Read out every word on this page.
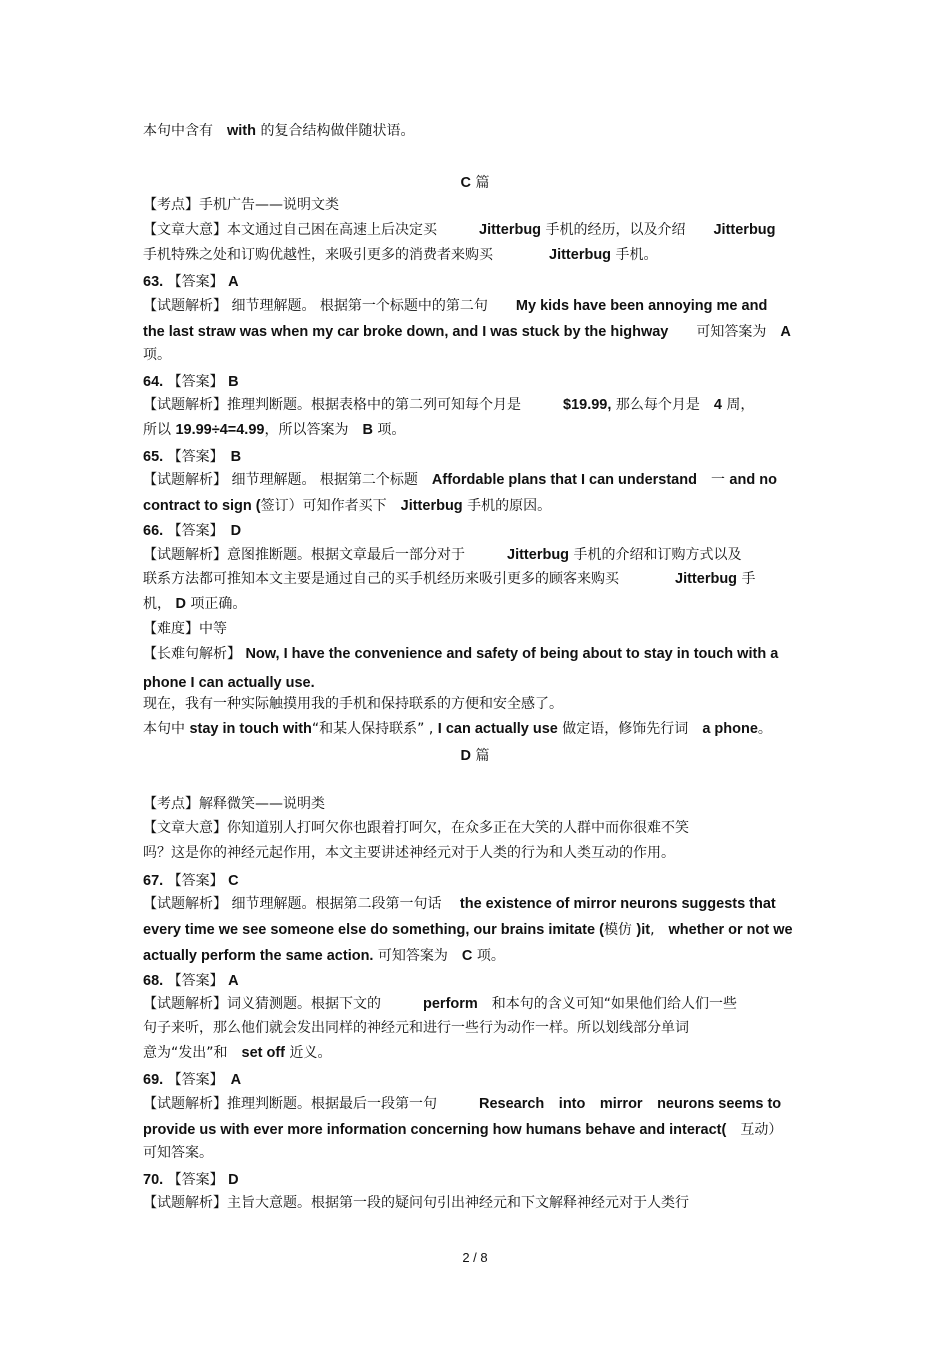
本句中含有　with 的复合结构做伴随状语。
C 篇
【考点】手机广告——说明文类
【文章大意】本文通过自己困在高速上后决定买　　　Jitterbug 手机的经历，以及介绍　　Jitterbug
手机特殊之处和订购优越性，来吸引更多的消费者来购买　　　　Jitterbug 手机。
63. 【答案】 A
【试题解析】 细节理解题。 根据第一个标题中的第二句　　My kids have been annoying me and
the last straw was when my car broke down, and I was stuck by the highway　　可知答案为　A
项。
64. 【答案】 B
【试题解析】推理判断题。根据表格中的第二列可知每个月是　　　$19.99, 那么每个月是　4 周，
所以 19.99÷4=4.99，所以答案为　B 项。
65. 【答案】　B
【试题解析】 细节理解题。 根据第二个标题　Affordable plans that I can understand　一 and no
contract to sign (签订）可知作者买下　Jitterbug 手机的原因。
66. 【答案】　D
【试题解析】意图推断题。根据文章最后一部分对于　　　Jitterbug 手机的介绍和订购方式以及
联系方法都可推知本文主要是通过自己的买手机经历来吸引更多的顾客来购买　　　　Jitterbug 手
机， D 项正确。
【难度】中等
【长难句解析】 Now, I have the convenience and safety of being about to stay in touch with a
phone I can actually use.
现在，我有一种实际触摸用我的手机和保持联系的方便和安全感了。
本句中 stay in touch with“和某人保持联系” , I can actually use 做定语，修饰先行词　a phone。
D 篇
【考点】解释微笑——说明类
【文章大意】你知道别人打呵欠你也跟着打呵欠，在众多正在大笑的人群中而你很难不笑
吗？这是你的神经元起作用，本文主要讲述神经元对于人类的行为和人类互动的作用。
67. 【答案】 C
【试题解析】 细节理解题。根据第二段第一句话　 the existence of mirror neurons suggests that
every time we see someone else do something, our brains imitate (模仿 )it,　whether or not we
actually perform the same action. 可知答案为　C 项。
68. 【答案】 A
【试题解析】词义猜测题。根据下文的　　　perform　和本句的含义可知“如果他们给人们一些
句子来听，那么他们就会发出同样的神经元和进行一些行为动作一样。所以划线部分单词
意为“发出”和　set off 近义。
69. 【答案】　A
【试题解析】推理判断题。根据最后一段第一句　　　Research　into　mirror　neurons seems to
provide us with ever more information concerning how humans behave and interact(　互动）
可知答案。
70. 【答案】 D
【试题解析】主旨大意题。根据第一段的疑问句引出神经元和下文解释神经元对于人类行
2 / 8
